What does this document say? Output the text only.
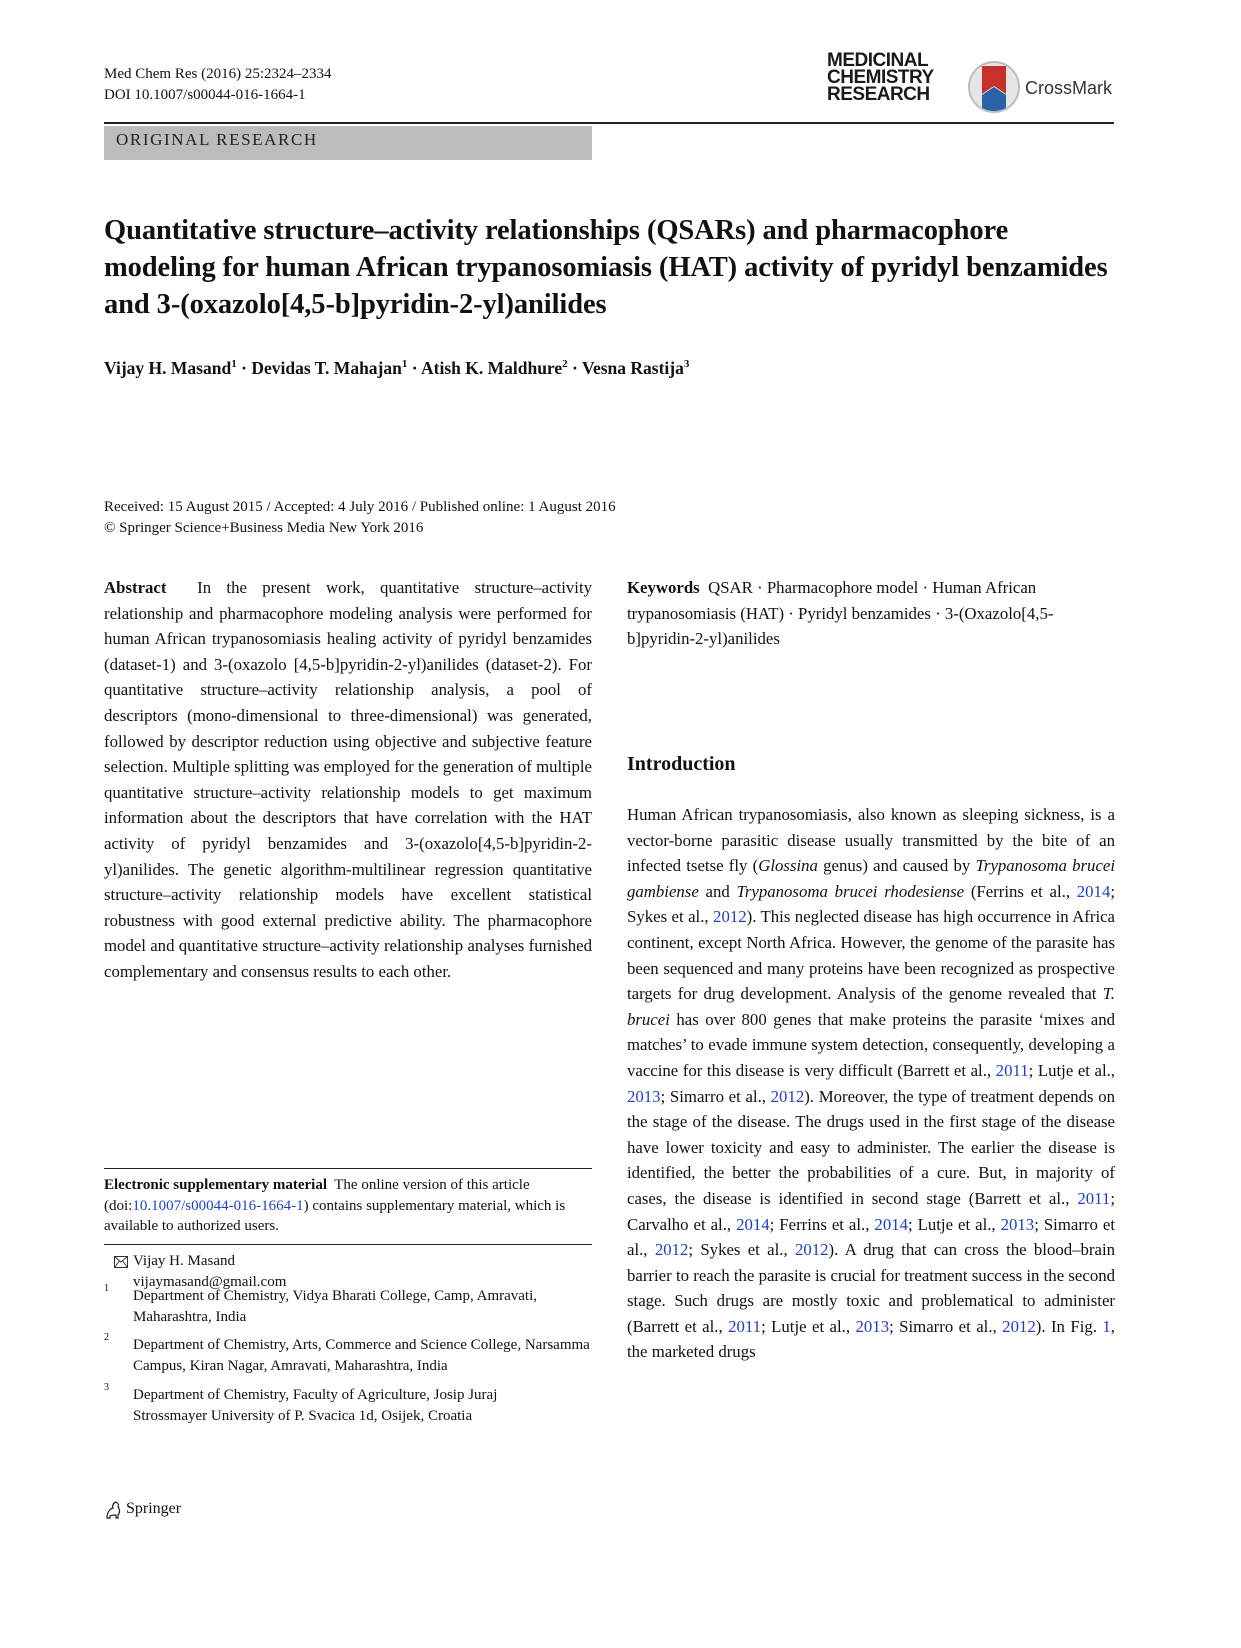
Med Chem Res (2016) 25:2324–2334
DOI 10.1007/s00044-016-1664-1
MEDICINAL
CHEMISTRY
RESEARCH	CrossMark
ORIGINAL RESEARCH
Quantitative structure–activity relationships (QSARs) and pharmacophore modeling for human African trypanosomiasis (HAT) activity of pyridyl benzamides and 3-(oxazolo[4,5-b]pyridin-2-yl)anilides
Vijay H. Masand$^1$ · Devidas T. Mahajan$^1$ · Atish K. Maldhure$^2$ · Vesna Rastija$^3$
Received: 15 August 2015 / Accepted: 4 July 2016 / Published online: 1 August 2016
© Springer Science+Business Media New York 2016
Abstract In the present work, quantitative structure–activity relationship and pharmacophore modeling analysis were performed for human African trypanosomiasis healing activity of pyridyl benzamides (dataset-1) and 3-(oxazolo [4,5-b]pyridin-2-yl)anilides (dataset-2). For quantitative structure–activity relationship analysis, a pool of descriptors (mono-dimensional to three-dimensional) was generated, followed by descriptor reduction using objective and subjective feature selection. Multiple splitting was employed for the generation of multiple quantitative structure–activity relationship models to get maximum information about the descriptors that have correlation with the HAT activity of pyridyl benzamides and 3-(oxazolo[4,5-b]pyridin-2-yl)anilides. The genetic algorithm-multilinear regression quantitative structure–activity relationship models have excellent statistical robustness with good external predictive ability. The pharmacophore model and quantitative structure–activity relationship analyses furnished complementary and consensus results to each other.
Keywords QSAR · Pharmacophore model · Human African trypanosomiasis (HAT) · Pyridyl benzamides · 3-(Oxazolo[4,5-b]pyridin-2-yl)anilides
Electronic supplementary material The online version of this article (doi:10.1007/s00044-016-1664-1) contains supplementary material, which is available to authorized users.
Vijay H. Masand
vijaymasand@gmail.com
1 Department of Chemistry, Vidya Bharati College, Camp, Amravati, Maharashtra, India
2 Department of Chemistry, Arts, Commerce and Science College, Narsamma Campus, Kiran Nagar, Amravati, Maharashtra, India
3 Department of Chemistry, Faculty of Agriculture, Josip Juraj Strossmayer University of P. Svacica 1d, Osijek, Croatia
Introduction
Human African trypanosomiasis, also known as sleeping sickness, is a vector-borne parasitic disease usually transmitted by the bite of an infected tsetse fly (Glossina genus) and caused by Trypanosoma brucei gambiense and Trypanosoma brucei rhodesiense (Ferrins et al., 2014; Sykes et al., 2012). This neglected disease has high occurrence in Africa continent, except North Africa. However, the genome of the parasite has been sequenced and many proteins have been recognized as prospective targets for drug development. Analysis of the genome revealed that T. brucei has over 800 genes that make proteins the parasite ‘mixes and matches’ to evade immune system detection, consequently, developing a vaccine for this disease is very difficult (Barrett et al., 2011; Lutje et al., 2013; Simarro et al., 2012). Moreover, the type of treatment depends on the stage of the disease. The drugs used in the first stage of the disease have lower toxicity and easy to administer. The earlier the disease is identified, the better the probabilities of a cure. But, in majority of cases, the disease is identified in second stage (Barrett et al., 2011; Carvalho et al., 2014; Ferrins et al., 2014; Lutje et al., 2013; Simarro et al., 2012; Sykes et al., 2012). A drug that can cross the blood–brain barrier to reach the parasite is crucial for treatment success in the second stage. Such drugs are mostly toxic and problematical to administer (Barrett et al., 2011; Lutje et al., 2013; Simarro et al., 2012). In Fig. 1, the marketed drugs
Springer
